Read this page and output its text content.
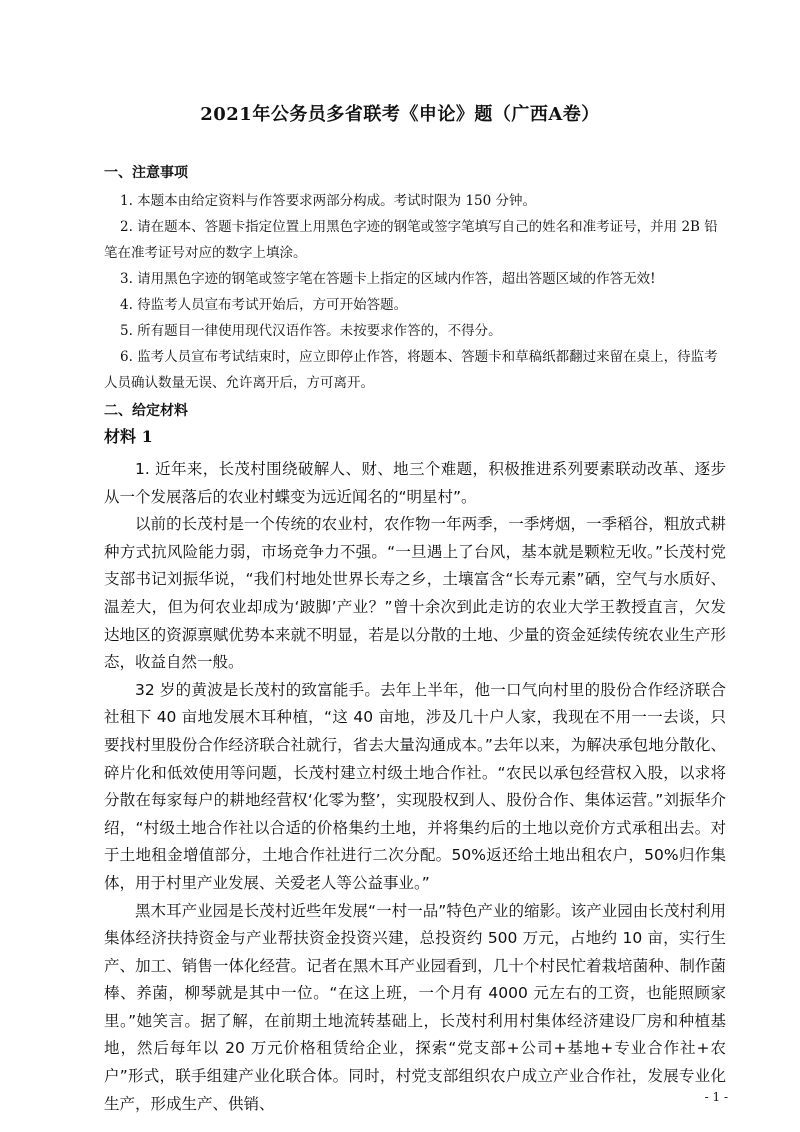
2021年公务员多省联考《申论》题（广西A卷）
一、注意事项

1. 本题本由给定资料与作答要求两部分构成。考试时限为 150 分钟。

2. 请在题本、答题卡指定位置上用黑色字迹的钢笔或签字笔填写自己的姓名和准考证号，并用 2B 铅笔在准考证号对应的数字上填涂。

3. 请用黑色字迹的钢笔或签字笔在答题卡上指定的区域内作答，超出答题区域的作答无效!

4. 待监考人员宣布考试开始后，方可开始答题。

5. 所有题目一律使用现代汉语作答。未按要求作答的，不得分。

6. 监考人员宣布考试结束时，应立即停止作答，将题本、答题卡和草稿纸都翻过来留在桌上，待监考人员确认数量无误、允许离开后，方可离开。

二、给定材料
材料 1

1. 近年来，长茂村围绕破解人、财、地三个难题，积极推进系列要素联动改革、逐步从一个发展落后的农业村蝶变为远近闻名的“明星村”。

以前的长茂村是一个传统的农业村，农作物一年两季，一季烤烟，一季稻谷，粗放式耕种方式抗风险能力弱，市场竞争力不强。“一旦遇上了台风，基本就是颗粒无收。”长茂村党支部书记刘振华说，“我们村地处世界长寿之乡，土壤富含“长寿元素”硒，空气与水质好、温差大，但为何农业却成为‘跛脚’产业？”曾十余次到此走访的农业大学王教授直言，欠发达地区的资源禀赋优势本来就不明显，若是以分散的土地、少量的资金延续传统农业生产形态，收益自然一般。

32 岁的黄波是长茂村的致富能手。去年上半年，他一口气向村里的股份合作经济联合社租下 40 亩地发展木耳种植，“这 40 亩地，涉及几十户人家，我现在不用一一去谈，只要找村里股份合作经济联合社就行，省去大量沟通成本。”去年以来，为解决承包地分散化、碎片化和低效使用等问题，长茂村建立村级土地合作社。“农民以承包经营权入股，以求将分散在每家每户的耕地经营权‘化零为整’，实现股权到人、股份合作、集体运营。”刘振华介绍，“村级土地合作社以合适的价格集约土地，并将集约后的土地以竞价方式承租出去。对于土地租金增值部分，土地合作社进行二次分配。50%返还给土地出租农户，50%归作集体，用于村里产业发展、关爱老人等公益事业。”

黑木耳产业园是长茂村近些年发展“一村一品”特色产业的缩影。该产业园由长茂村利用集体经济扶持资金与产业帮扶资金投资兴建，总投资约 500 万元，占地约 10 亩，实行生产、加工、销售一体化经营。记者在黑木耳产业园看到，几十个村民忙着栽培菌种、制作菌棒、养菌，柳琴就是其中一位。“在这上班，一个月有 4000 元左右的工资，也能照顾家里。”她笑言。据了解，在前期土地流转基础上，长茂村利用村集体经济建设厂房和种植基地，然后每年以 20 万元价格租赁给企业，探索“党支部+公司+基地+专业合作社+农户”形式，联手组建产业化联合体。同时，村党支部组织农户成立产业合作社，发展专业化生产，形成生产、供销、	- 1 -
